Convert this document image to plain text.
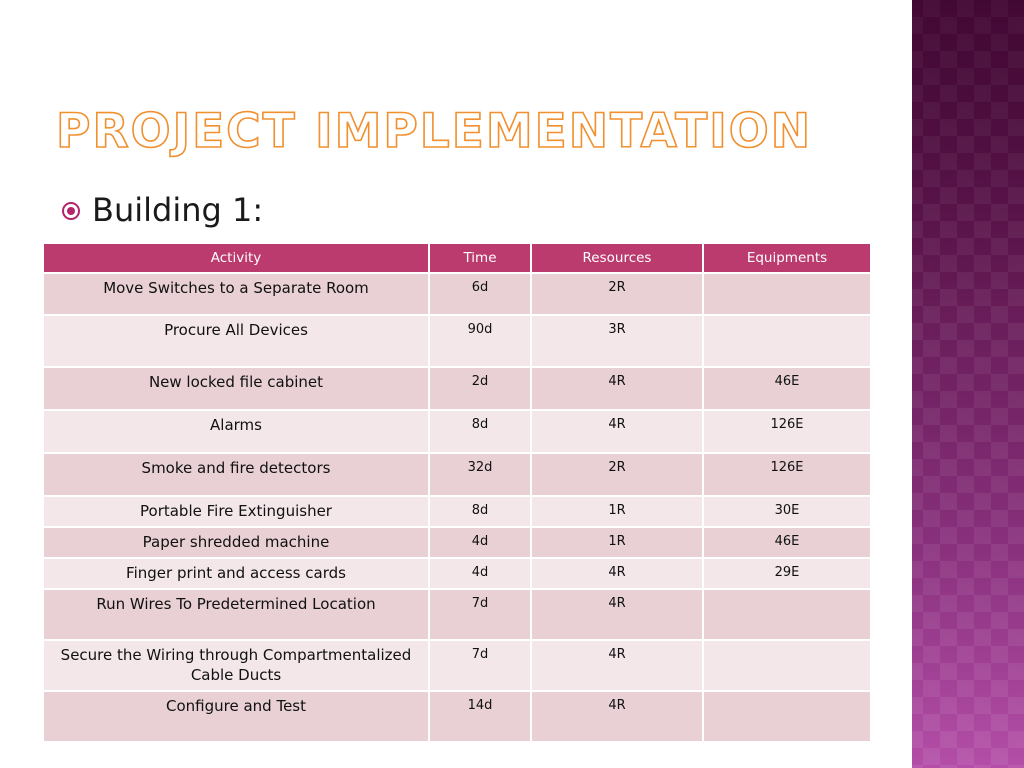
PROJECT IMPLEMENTATION
Building 1:
Activity	Time	Resources	Equipments
Move Switches to a Separate Room	6d	2R	
Procure All Devices	90d	3R	
New locked file cabinet	2d	4R	46E
Alarms	8d	4R	126E
Smoke and fire detectors	32d	2R	126E
Portable Fire Extinguisher	8d	1R	30E
Paper shredded machine	4d	1R	46E
Finger print and access cards	4d	4R	29E
Run Wires To Predetermined Location	7d	4R	
Secure the Wiring through Compartmentalized Cable Ducts	7d	4R	
Configure and Test	14d	4R	
